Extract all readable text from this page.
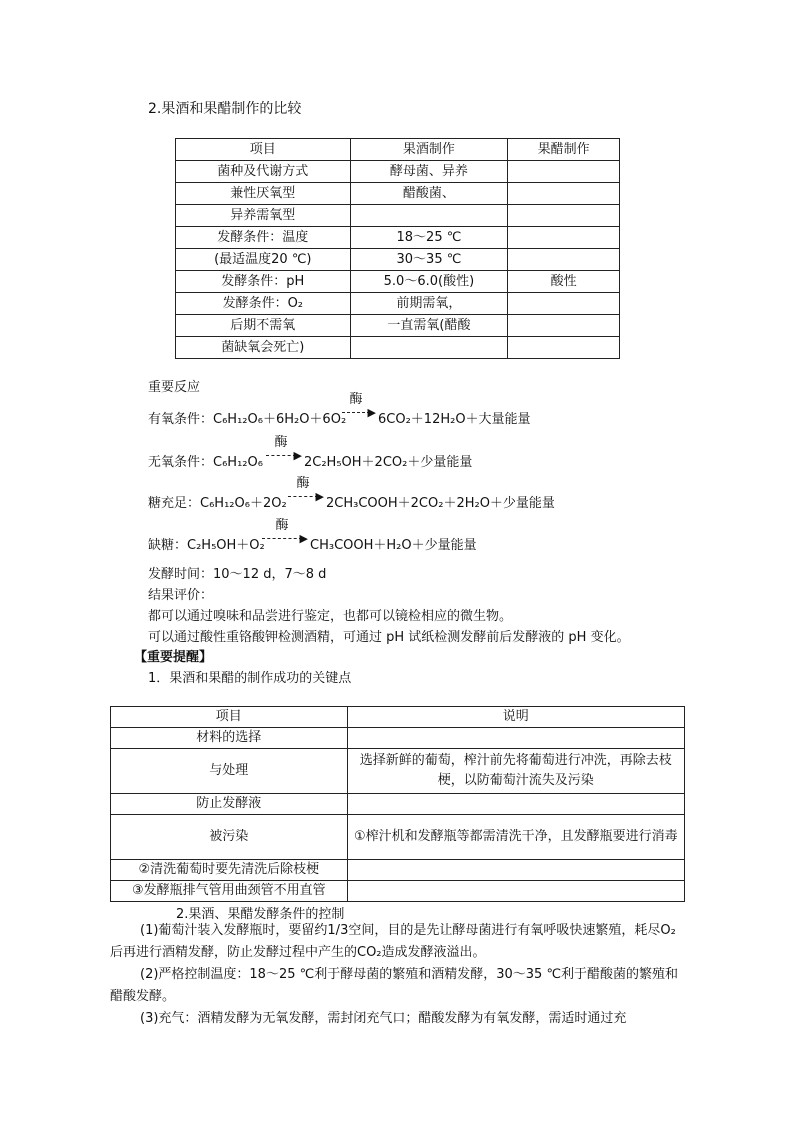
2.果酒和果醋制作的比较
项目	果酒制作	果醋制作
菌种及代谢方式	酵母菌、异养	
兼性厌氧型	醋酸菌、	
异养需氧型		
发酵条件：温度	18～25 ℃	
(最适温度20 ℃)	30～35 ℃	
发酵条件：pH	5.0～6.0(酸性)	酸性
发酵条件：O₂	前期需氧，	
后期不需氧	一直需氧(醋酸	
菌缺氧会死亡)		
重要反应
有氧条件：C₆H₁₂O₆＋6H₂O＋6O₂
酶
▶ 6CO₂＋12H₂O＋大量能量
无氧条件：C₆H₁₂O₆
酶
▶ 2C₂H₅OH＋2CO₂＋少量能量
糖充足：C₆H₁₂O₆＋2O₂
酶
▶ 2CH₃COOH＋2CO₂＋2H₂O＋少量能量
缺糖：C₂H₅OH＋O₂
酶
▶ CH₃COOH＋H₂O＋少量能量
发酵时间：10～12 d，7～8 d
结果评价：
都可以通过嗅味和品尝进行鉴定，也都可以镜检相应的微生物。
可以通过酸性重铬酸钾检测酒精，可通过 pH 试纸检测发酵前后发酵液的 pH 变化。
【重要提醒】
1．果酒和果醋的制作成功的关键点
项目	说明
材料的选择	
与处理	选择新鲜的葡萄，榨汁前先将葡萄进行冲洗，再除去枝梗，以防葡萄汁流失及污染
防止发酵液	
被污染	①榨汁机和发酵瓶等都需清洗干净，且发酵瓶要进行消毒
②清洗葡萄时要先清洗后除枝梗	
③发酵瓶排气管用曲颈管不用直管	
2.果酒、果醋发酵条件的控制
(1)葡萄汁装入发酵瓶时，要留约1/3空间，目的是先让酵母菌进行有氧呼吸快速繁殖，耗尽O₂后再进行酒精发酵，防止发酵过程中产生的CO₂造成发酵液溢出。
(2)严格控制温度：18～25 ℃利于酵母菌的繁殖和酒精发酵，30～35 ℃利于醋酸菌的繁殖和醋酸发酵。
(3)充气：酒精发酵为无氧发酵，需封闭充气口；醋酸发酵为有氧发酵，需适时通过充
